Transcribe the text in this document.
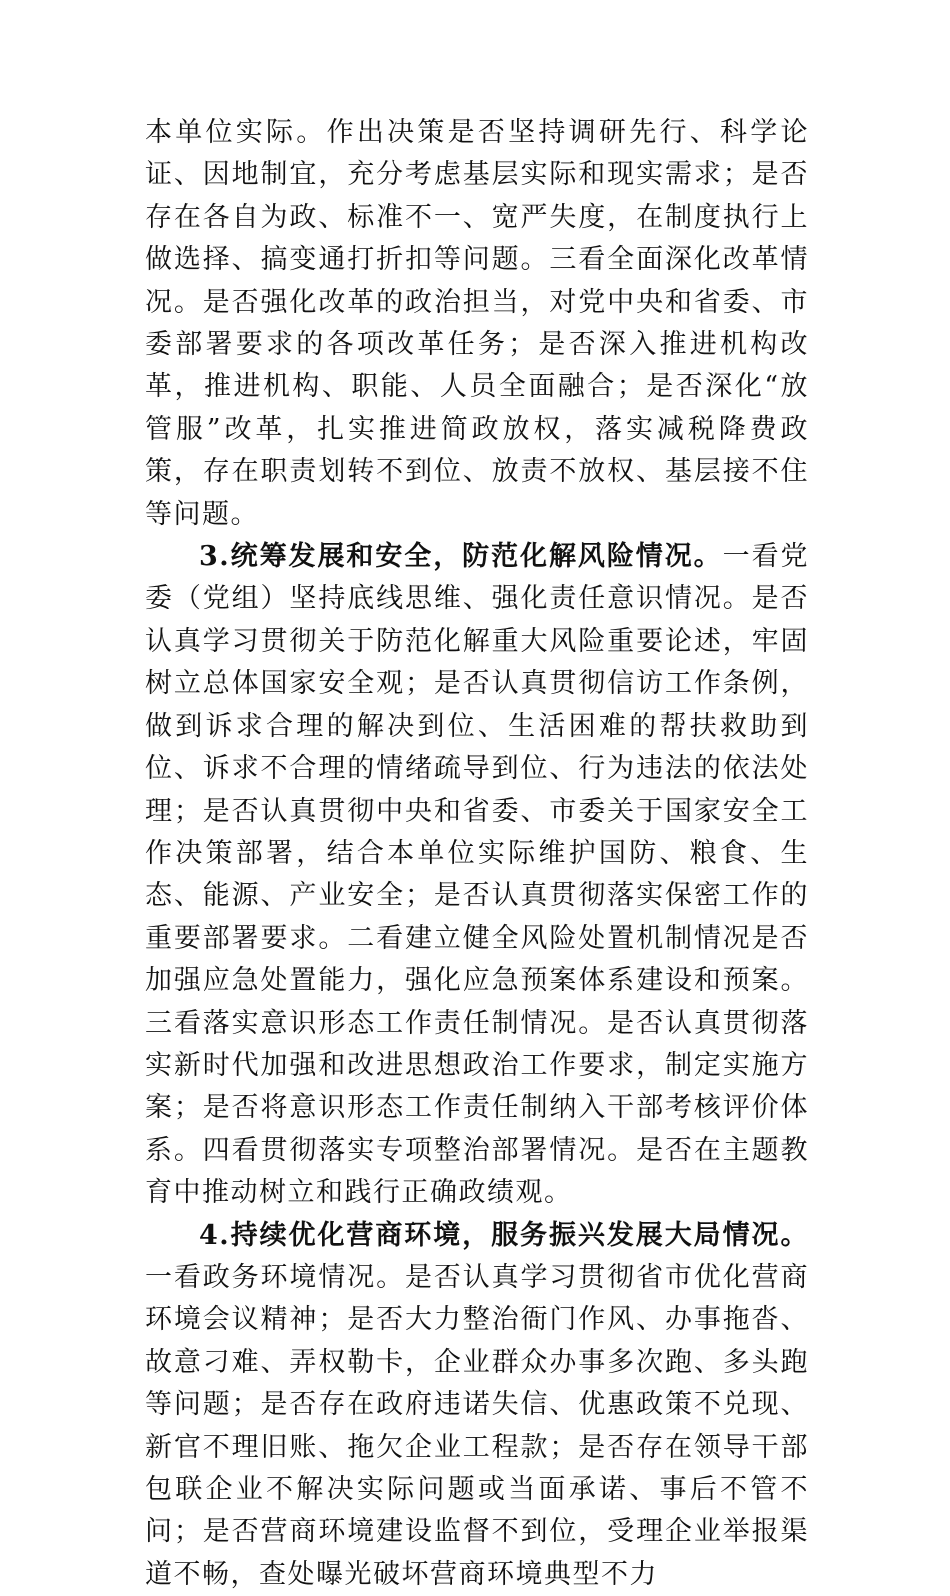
本单位实际。作出决策是否坚持调研先行、科学论证、因地制宜，充分考虑基层实际和现实需求；是否存在各自为政、标准不一、宽严失度，在制度执行上做选择、搞变通打折扣等问题。三看全面深化改革情况。是否强化改革的政治担当，对党中央和省委、市委部署要求的各项改革任务；是否深入推进机构改革，推进机构、职能、人员全面融合；是否深化“放管服”改革，扎实推进简政放权，落实减税降费政策，存在职责划转不到位、放责不放权、基层接不住等问题。

3.统筹发展和安全，防范化解风险情况。一看党委（党组）坚持底线思维、强化责任意识情况。是否认真学习贯彻关于防范化解重大风险重要论述，牢固树立总体国家安全观；是否认真贯彻信访工作条例，做到诉求合理的解决到位、生活困难的帮扶救助到位、诉求不合理的情绪疏导到位、行为违法的依法处理；是否认真贯彻中央和省委、市委关于国家安全工作决策部署，结合本单位实际维护国防、粮食、生态、能源、产业安全；是否认真贯彻落实保密工作的重要部署要求。二看建立健全风险处置机制情况是否加强应急处置能力，强化应急预案体系建设和预案。三看落实意识形态工作责任制情况。是否认真贯彻落实新时代加强和改进思想政治工作要求，制定实施方案；是否将意识形态工作责任制纳入干部考核评价体系。四看贯彻落实专项整治部署情况。是否在主题教育中推动树立和践行正确政绩观。

4.持续优化营商环境，服务振兴发展大局情况。一看政务环境情况。是否认真学习贯彻省市优化营商环境会议精神；是否大力整治衙门作风、办事拖沓、故意刁难、弄权勒卡，企业群众办事多次跑、多头跑等问题；是否存在政府违诺失信、优惠政策不兑现、新官不理旧账、拖欠企业工程款；是否存在领导干部包联企业不解决实际问题或当面承诺、事后不管不问；是否营商环境建设监督不到位，受理企业举报渠道不畅，查处曝光破坏营商环境典型不力
